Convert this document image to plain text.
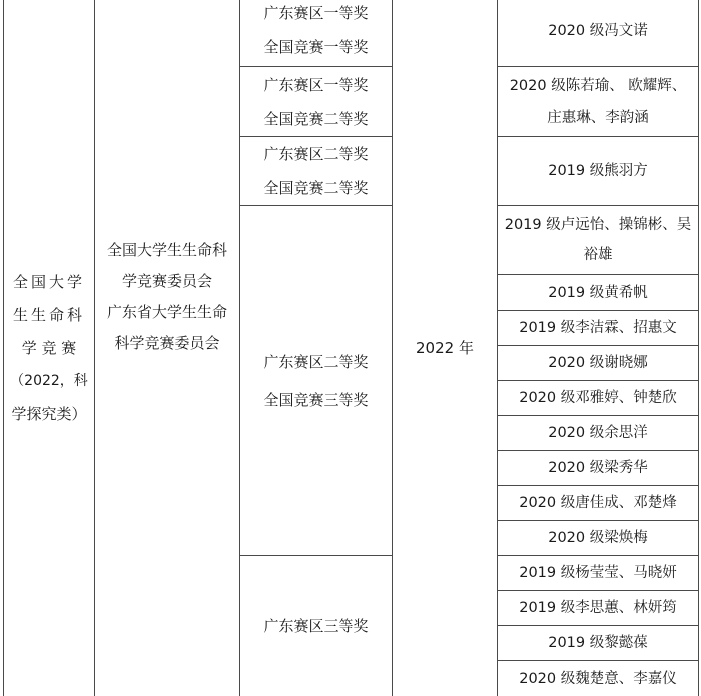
全国大学
生生命科
学 竞 赛
（2022，科
学探究类）
全国大学生生命科
学竞赛委员会
广东省大学生生命
科学竞赛委员会
广东赛区一等奖
全国竞赛一等奖
广东赛区一等奖
全国竞赛二等奖
广东赛区二等奖
全国竞赛二等奖
广东赛区二等奖
全国竞赛三等奖
广东赛区三等奖
2022 年
2020 级冯文诺
2020 级陈若瑜、 欧耀辉、
庄惠琳、李韵涵
2019 级熊羽方
2019 级卢远怡、操锦彬、吴
裕雄
2019 级黄希帆
2019 级李洁霖、招惠文
2020 级谢晓娜
2020 级邓雅婷、钟楚欣
2020 级余思洋
2020 级梁秀华
2020 级唐佳成、邓楚烽
2020 级梁焕梅
2019 级杨莹莹、马晓妍
2019 级李思蕙、林妍筠
2019 级黎懿葆
2020 级魏楚意、李嘉仪
